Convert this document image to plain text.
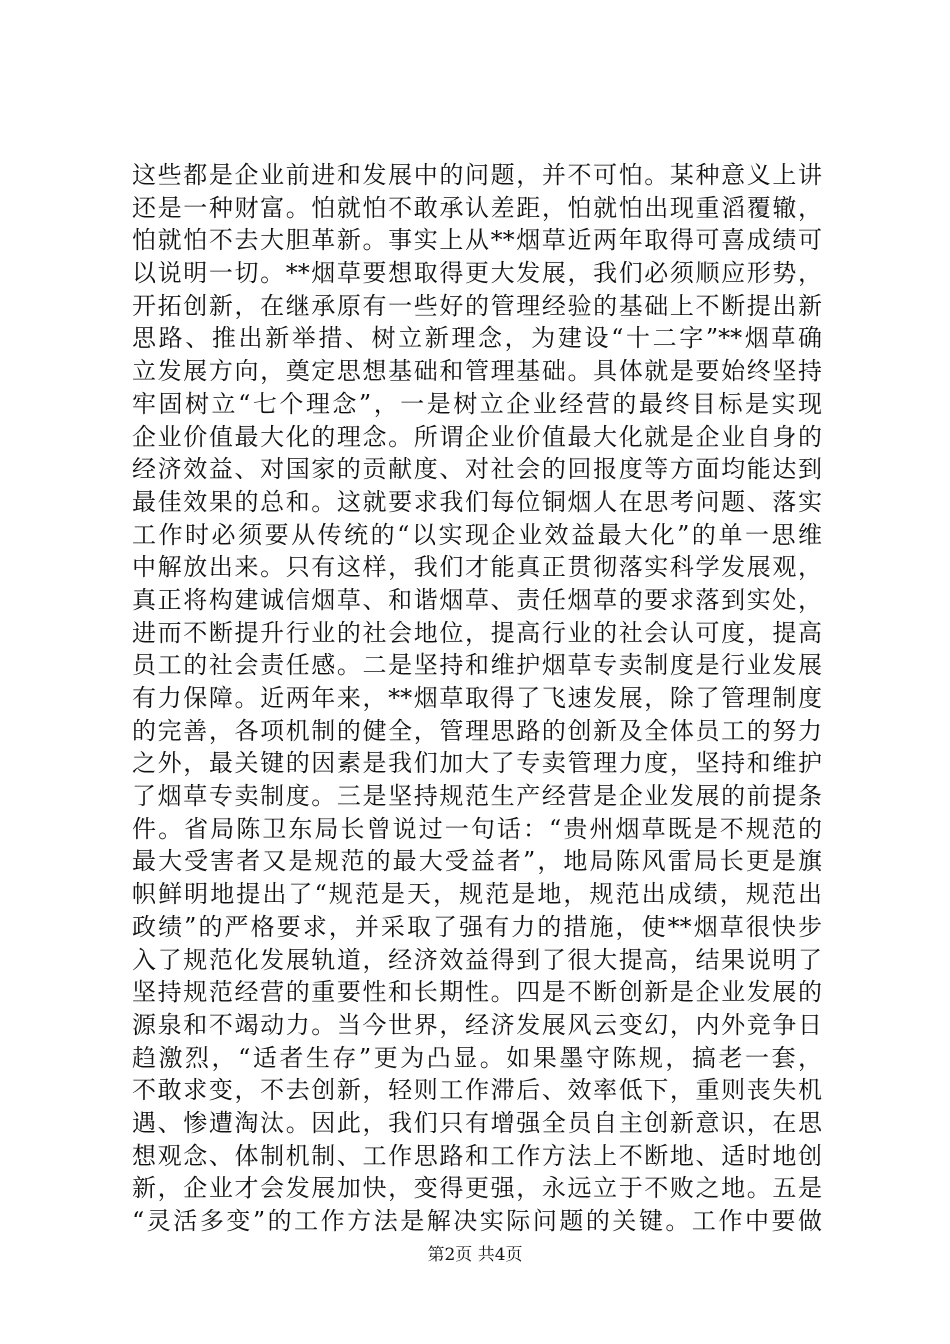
这些都是企业前进和发展中的问题，并不可怕。某种意义上讲
还是一种财富。怕就怕不敢承认差距，怕就怕出现重滔覆辙，
怕就怕不去大胆革新。事实上从**烟草近两年取得可喜成绩可
以说明一切。**烟草要想取得更大发展，我们必须顺应形势，
开拓创新，在继承原有一些好的管理经验的基础上不断提出新
思路、推出新举措、树立新理念，为建设“十二字”**烟草确
立发展方向，奠定思想基础和管理基础。具体就是要始终坚持
牢固树立“七个理念”，一是树立企业经营的最终目标是实现
企业价值最大化的理念。所谓企业价值最大化就是企业自身的
经济效益、对国家的贡献度、对社会的回报度等方面均能达到
最佳效果的总和。这就要求我们每位铜烟人在思考问题、落实
工作时必须要从传统的“以实现企业效益最大化”的单一思维
中解放出来。只有这样，我们才能真正贯彻落实科学发展观，
真正将构建诚信烟草、和谐烟草、责任烟草的要求落到实处，
进而不断提升行业的社会地位，提高行业的社会认可度，提高
员工的社会责任感。二是坚持和维护烟草专卖制度是行业发展
有力保障。近两年来，**烟草取得了飞速发展，除了管理制度
的完善，各项机制的健全，管理思路的创新及全体员工的努力
之外，最关键的因素是我们加大了专卖管理力度，坚持和维护
了烟草专卖制度。三是坚持规范生产经营是企业发展的前提条
件。省局陈卫东局长曾说过一句话：“贵州烟草既是不规范的
最大受害者又是规范的最大受益者”，地局陈风雷局长更是旗
帜鲜明地提出了“规范是天，规范是地，规范出成绩，规范出
政绩”的严格要求，并采取了强有力的措施，使**烟草很快步
入了规范化发展轨道，经济效益得到了很大提高，结果说明了
坚持规范经营的重要性和长期性。四是不断创新是企业发展的
源泉和不竭动力。当今世界，经济发展风云变幻，内外竞争日
趋激烈，“适者生存”更为凸显。如果墨守陈规，搞老一套，
不敢求变，不去创新，轻则工作滞后、效率低下，重则丧失机
遇、惨遭淘汰。因此，我们只有增强全员自主创新意识，在思
想观念、体制机制、工作思路和工作方法上不断地、适时地创
新，企业才会发展加快，变得更强，永远立于不败之地。五是
“灵活多变”的工作方法是解决实际问题的关键。工作中要做
第2页 共4页
